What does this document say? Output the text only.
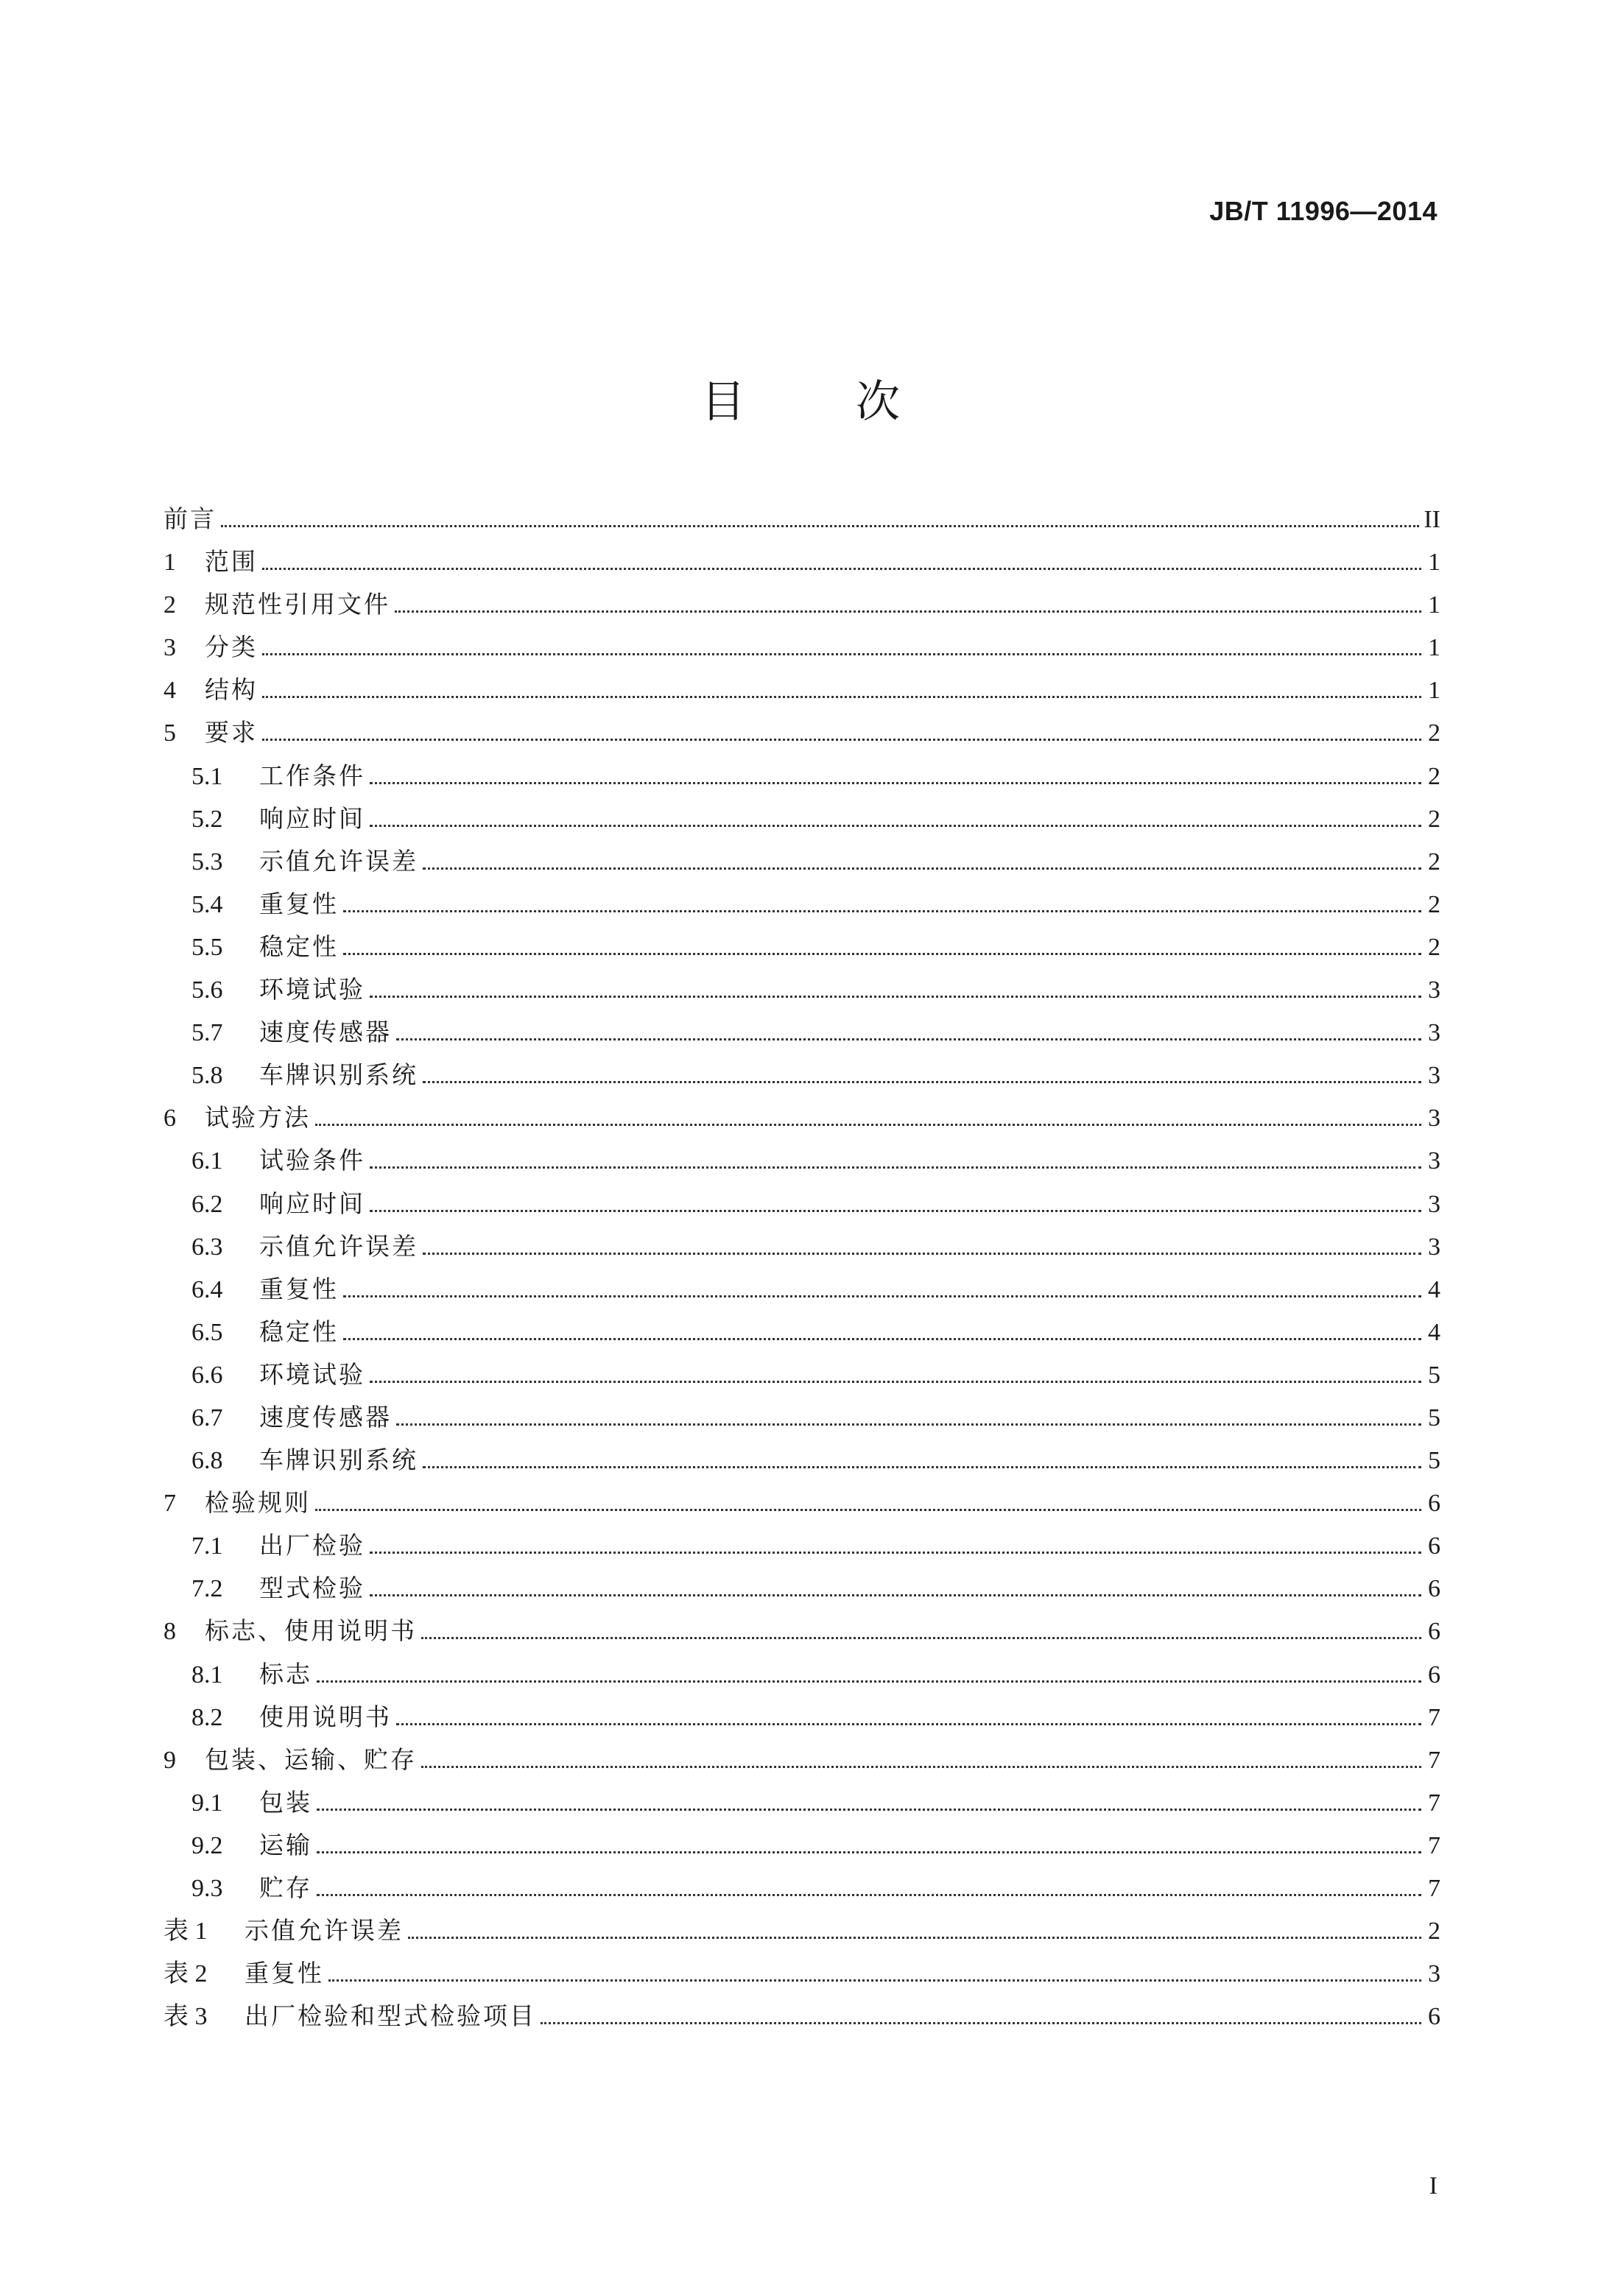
JB/T 11996—2014
目	次
前言	II
1	范围	1
2	规范性引用文件	1
3	分类	1
4	结构	1
5	要求	2
5.1	工作条件	2
5.2	响应时间	2
5.3	示值允许误差	2
5.4	重复性	2
5.5	稳定性	2
5.6	环境试验	3
5.7	速度传感器	3
5.8	车牌识别系统	3
6	试验方法	3
6.1	试验条件	3
6.2	响应时间	3
6.3	示值允许误差	3
6.4	重复性	4
6.5	稳定性	4
6.6	环境试验	5
6.7	速度传感器	5
6.8	车牌识别系统	5
7	检验规则	6
7.1	出厂检验	6
7.2	型式检验	6
8	标志、使用说明书	6
8.1	标志	6
8.2	使用说明书	7
9	包装、运输、贮存	7
9.1	包装	7
9.2	运输	7
9.3	贮存	7
表 1	示值允许误差	2
表 2	重复性	3
表 3	出厂检验和型式检验项目	6
I
